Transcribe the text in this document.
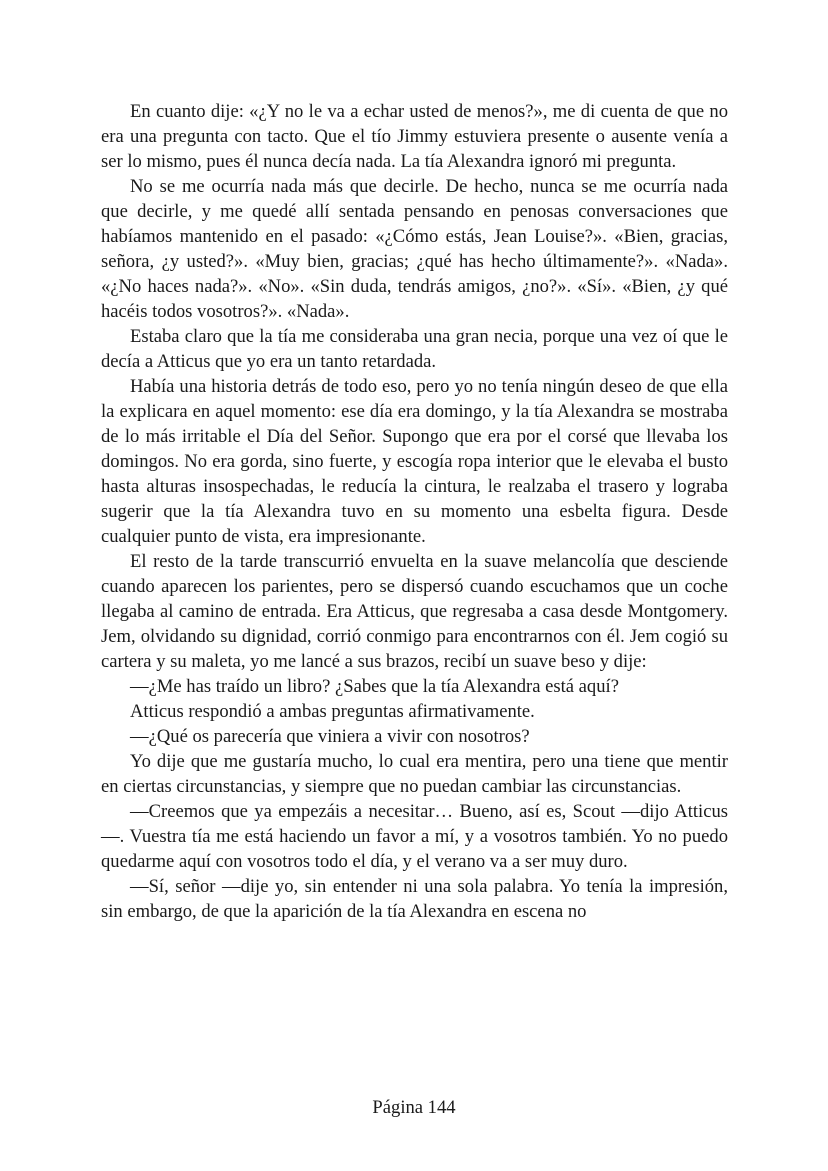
En cuanto dije: «¿Y no le va a echar usted de menos?», me di cuenta de que no era una pregunta con tacto. Que el tío Jimmy estuviera presente o ausente venía a ser lo mismo, pues él nunca decía nada. La tía Alexandra ignoró mi pregunta.

No se me ocurría nada más que decirle. De hecho, nunca se me ocurría nada que decirle, y me quedé allí sentada pensando en penosas conversaciones que habíamos mantenido en el pasado: «¿Cómo estás, Jean Louise?». «Bien, gracias, señora, ¿y usted?». «Muy bien, gracias; ¿qué has hecho últimamente?». «Nada». «¿No haces nada?». «No». «Sin duda, tendrás amigos, ¿no?». «Sí». «Bien, ¿y qué hacéis todos vosotros?». «Nada».

Estaba claro que la tía me consideraba una gran necia, porque una vez oí que le decía a Atticus que yo era un tanto retardada.

Había una historia detrás de todo eso, pero yo no tenía ningún deseo de que ella la explicara en aquel momento: ese día era domingo, y la tía Alexandra se mostraba de lo más irritable el Día del Señor. Supongo que era por el corsé que llevaba los domingos. No era gorda, sino fuerte, y escogía ropa interior que le elevaba el busto hasta alturas insospechadas, le reducía la cintura, le realzaba el trasero y lograba sugerir que la tía Alexandra tuvo en su momento una esbelta figura. Desde cualquier punto de vista, era impresionante.

El resto de la tarde transcurrió envuelta en la suave melancolía que desciende cuando aparecen los parientes, pero se dispersó cuando escuchamos que un coche llegaba al camino de entrada. Era Atticus, que regresaba a casa desde Montgomery. Jem, olvidando su dignidad, corrió conmigo para encontrarnos con él. Jem cogió su cartera y su maleta, yo me lancé a sus brazos, recibí un suave beso y dije:

—¿Me has traído un libro? ¿Sabes que la tía Alexandra está aquí?

Atticus respondió a ambas preguntas afirmativamente.

—¿Qué os parecería que viniera a vivir con nosotros?

Yo dije que me gustaría mucho, lo cual era mentira, pero una tiene que mentir en ciertas circunstancias, y siempre que no puedan cambiar las circunstancias.

—Creemos que ya empezáis a necesitar… Bueno, así es, Scout —dijo Atticus—. Vuestra tía me está haciendo un favor a mí, y a vosotros también. Yo no puedo quedarme aquí con vosotros todo el día, y el verano va a ser muy duro.

—Sí, señor —dije yo, sin entender ni una sola palabra. Yo tenía la impresión, sin embargo, de que la aparición de la tía Alexandra en escena no

Página 144
